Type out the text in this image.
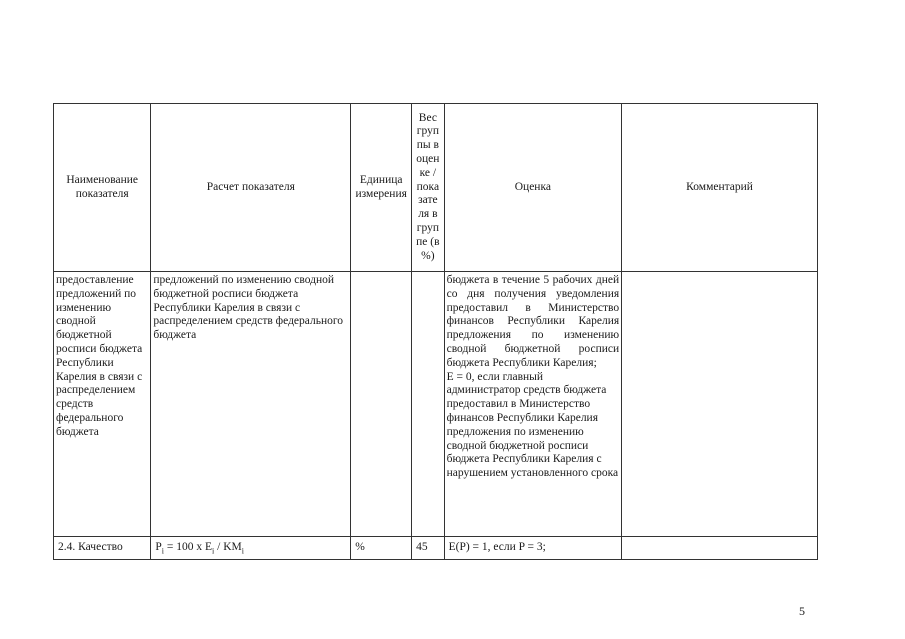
Наименование показателя	Расчет показателя	Единица измерения	Вес группы в оценке / показателя в группе (в %)	Оценка	Комментарий
предоставление предложений по изменению сводной бюджетной росписи бюджета Республики Карелия в связи с распределением средств федерального бюджета	предложений по изменению сводной бюджетной росписи бюджета Республики Карелия в связи с распределением средств федерального бюджета			бюджета в течение 5 рабочих дней со дня получения уведомления предоставил в Министерство финансов Республики Карелия предложения по изменению сводной бюджетной росписи бюджета Республики Карелия;
Е = 0, если главный администратор средств бюджета предоставил в Министерство финансов Республики Карелия предложения по изменению сводной бюджетной росписи бюджета Республики Карелия с нарушением установленного срока	

2.4. Качество	$P_i = 100$ x $E_i / KM_i$	%	45	E(P) = 1, если P = 3;	
5
